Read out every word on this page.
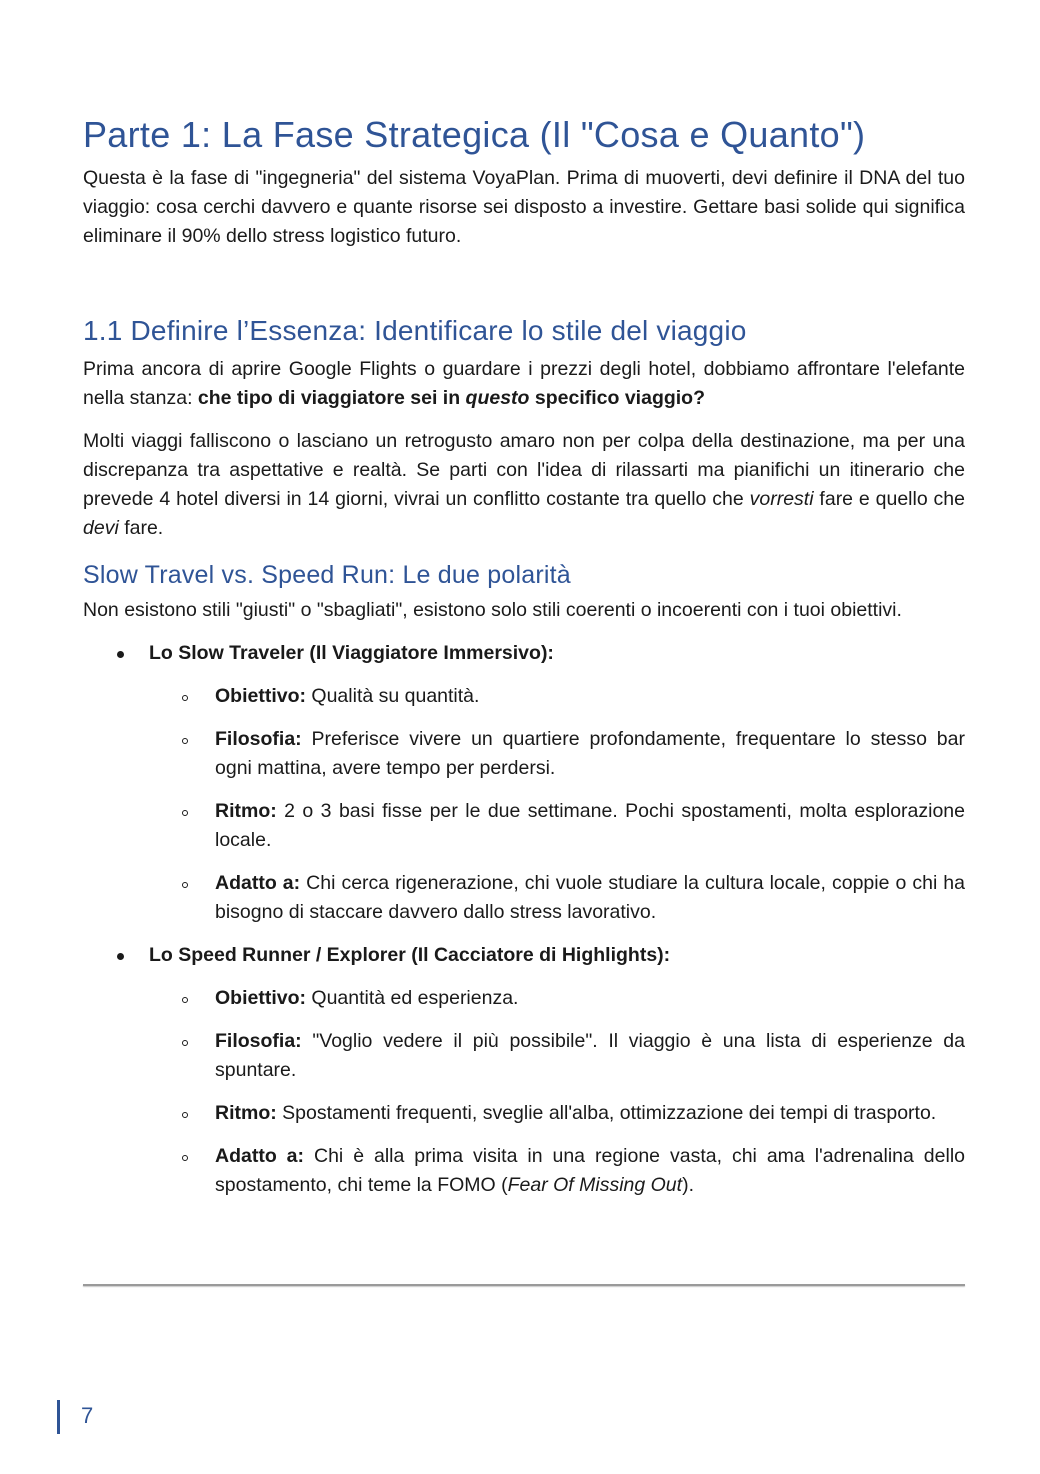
Parte 1: La Fase Strategica (Il "Cosa e Quanto")

Questa è la fase di "ingegneria" del sistema VoyaPlan. Prima di muoverti, devi definire il DNA del tuo viaggio: cosa cerchi davvero e quante risorse sei disposto a investire. Gettare basi solide qui significa eliminare il 90% dello stress logistico futuro.

1.1 Definire l’Essenza: Identificare lo stile del viaggio

Prima ancora di aprire Google Flights o guardare i prezzi degli hotel, dobbiamo affrontare l'elefante nella stanza: che tipo di viaggiatore sei in questo specifico viaggio?

Molti viaggi falliscono o lasciano un retrogusto amaro non per colpa della destinazione, ma per una discrepanza tra aspettative e realtà. Se parti con l'idea di rilassarti ma pianifichi un itinerario che prevede 4 hotel diversi in 14 giorni, vivrai un conflitto costante tra quello che vorresti fare e quello che devi fare.

Slow Travel vs. Speed Run: Le due polarità

Non esistono stili "giusti" o "sbagliati", esistono solo stili coerenti o incoerenti con i tuoi obiettivi.

Lo Slow Traveler (Il Viaggiatore Immersivo):

Obiettivo: Qualità su quantità.

Filosofia: Preferisce vivere un quartiere profondamente, frequentare lo stesso bar ogni mattina, avere tempo per perdersi.

Ritmo: 2 o 3 basi fisse per le due settimane. Pochi spostamenti, molta esplorazione locale.

Adatto a: Chi cerca rigenerazione, chi vuole studiare la cultura locale, coppie o chi ha bisogno di staccare davvero dallo stress lavorativo.

Lo Speed Runner / Explorer (Il Cacciatore di Highlights):

Obiettivo: Quantità ed esperienza.

Filosofia: "Voglio vedere il più possibile". Il viaggio è una lista di esperienze da spuntare.

Ritmo: Spostamenti frequenti, sveglie all'alba, ottimizzazione dei tempi di trasporto.

Adatto a: Chi è alla prima visita in una regione vasta, chi ama l'adrenalina dello spostamento, chi teme la FOMO (Fear Of Missing Out).

7
